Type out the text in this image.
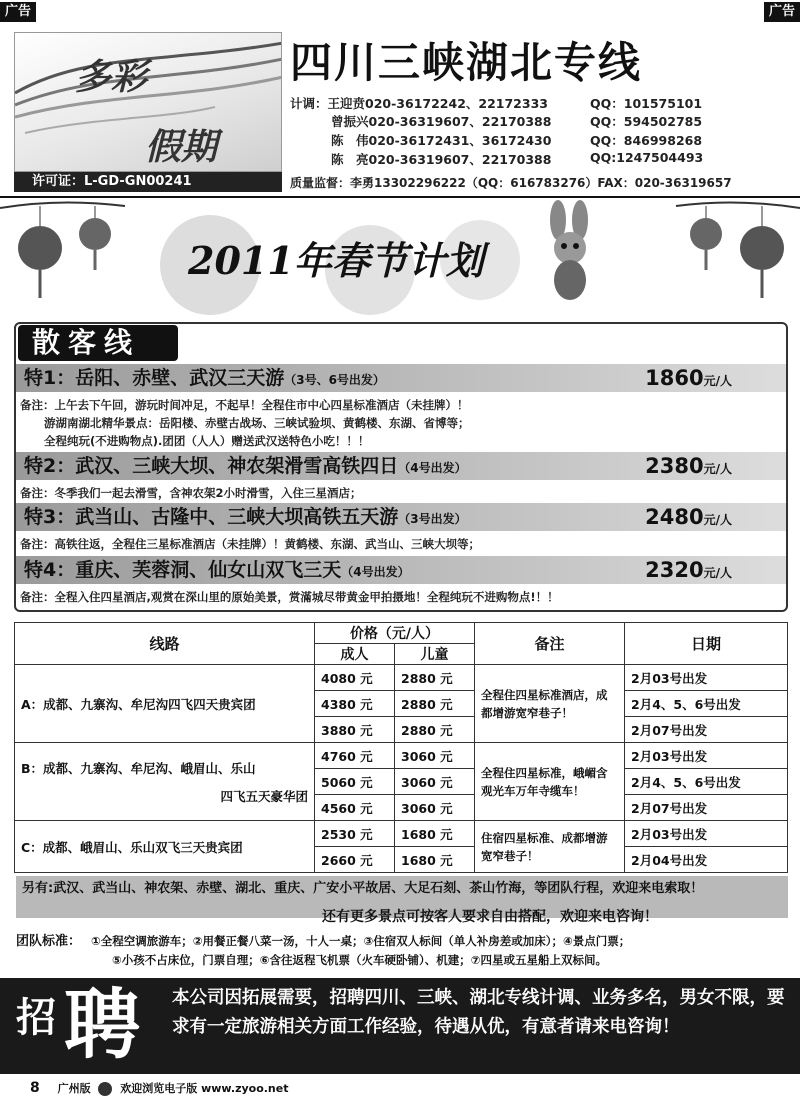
广告	广告
多彩
假期
许可证：L-GD-GN00241
四川三峡湖北专线
计调：王迎贲020-36172242、22172333	QQ：101575101
曾振兴020-36319607、22170388	QQ：594502785
陈　伟020-36172431、36172430	QQ：846998268
陈　亮020-36319607、22170388	QQ:1247504493
质量监督：李勇13302296222（QQ：616783276）FAX：020-36319657
2011年春节计划
散客线
特1：岳阳、赤壁、武汉三天游（3号、6号出发）	1860元/人
备注：上午去下午回，游玩时间冲足，不起早！全程住市中心四星标准酒店（未挂牌）！
游湖南湖北精华景点：岳阳楼、赤壁古战场、三峡试验坝、黄鹤楼、东湖、省博等；
全程纯玩(不进购物点).团团（人人）赠送武汉送特色小吃！！！
特2：武汉、三峡大坝、神农架滑雪高铁四日（4号出发）	2380元/人
备注：冬季我们一起去滑雪，含神农架2小时滑雪，入住三星酒店；
特3：武当山、古隆中、三峡大坝高铁五天游（3号出发）	2480元/人
备注：高铁往返，全程住三星标准酒店（未挂牌）！黄鹤楼、东湖、武当山、三峡大坝等；
特4：重庆、芙蓉洞、仙女山双飞三天（4号出发）	2320元/人
备注：全程入住四星酒店,观赏在深山里的原始美景，赏滿城尽带黄金甲拍摄地！全程纯玩不进购物点!！！
线路	价格（元/人）		备注	日期
	成人	儿童		
A：成都、九寨沟、牟尼沟四飞四天贵宾团	4080 元	2880 元	全程住四星标准酒店，成都增游宽窄巷子！	2月03号出发
	4380 元	2880 元		2月4、5、6号出发
	3880 元	2880 元		2月07号出发

B：成都、九寨沟、牟尼沟、峨眉山、乐山
四飞五天豪华团	4760 元	3060 元	全程住四星标准，峨嵋含观光车万年寺缆车！	2月03号出发
	5060 元	3060 元		2月4、5、6号出发
	4560 元	3060 元		2月07号出发
C：成都、峨眉山、乐山双飞三天贵宾团	2530 元	1680 元	住宿四星标准、成都增游宽窄巷子！	2月03号出发
	2660 元	1680 元		2月04号出发
另有:武汉、武当山、神农架、赤壁、湖北、重庆、广安小平故居、大足石刻、茶山竹海，等团队行程，欢迎来电索取！
还有更多景点可按客人要求自由搭配，欢迎来电咨询！
团队标准： ①全程空调旅游车；②用餐正餐八菜一汤，十人一桌；③住宿双人标间（单人补房差或加床）；④景点门票；
⑤小孩不占床位，门票自理；⑥含往返程飞机票（火车硬卧铺）、机建；⑦四星或五星船上双标间。
招 聘 本公司因拓展需要，招聘四川、三峡、湖北专线计调、业务多名，男女不限，要求有一定旅游相关方面工作经验，待遇从优，有意者请来电咨询！
8 广州版	欢迎浏览电子版 www.zyoo.net
